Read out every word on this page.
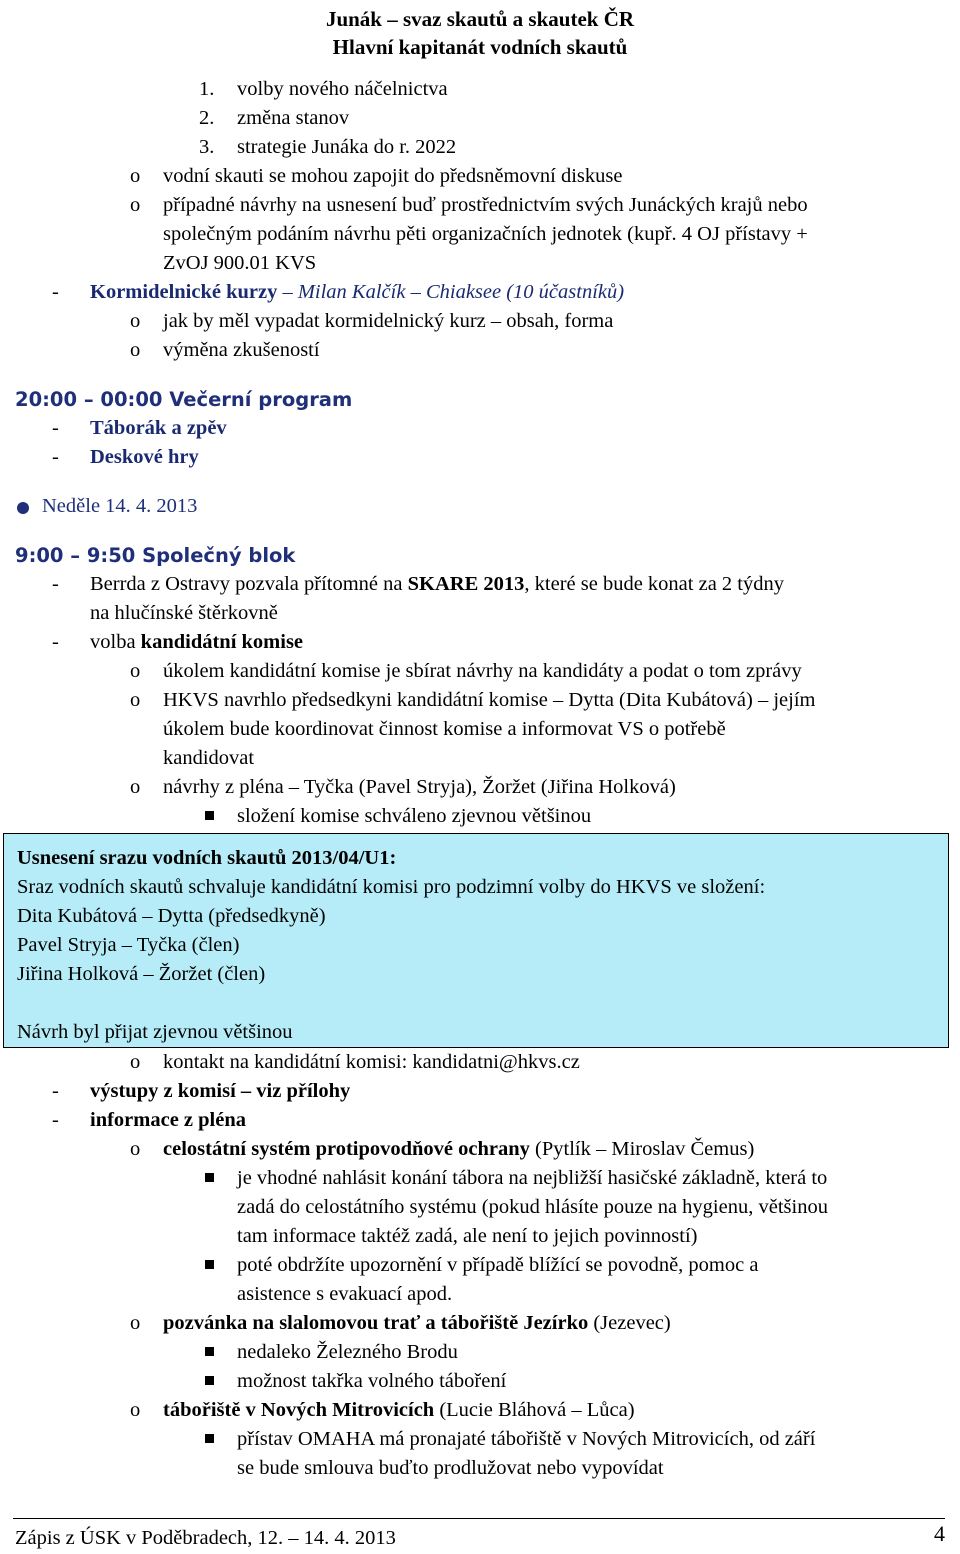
Junák – svaz skautů a skautek ČR
Hlavní kapitanát vodních skautů
1. volby nového náčelnictva
2. změna stanov
3. strategie Junáka do r. 2022
o vodní skauti se mohou zapojit do předsněmovní diskuse
o případné návrhy na usnesení buď prostřednictvím svých Junáckých krajů nebo
společným podáním návrhu pěti organizačních jednotek (kupř. 4 OJ přístavy +
ZvOJ 900.01 KVS
- Kormidelnické kurzy – Milan Kalčík – Chiaksee (10 účastníků)
o jak by měl vypadat kormidelnický kurz – obsah, forma
o výměna zkušeností
20:00 – 00:00 Večerní program
- Táborák a zpěv
- Deskové hry
Neděle 14. 4. 2013
9:00 – 9:50 Společný blok
- Berrda z Ostravy pozvala přítomné na SKARE 2013, které se bude konat za 2 týdny
na hlučínské štěrkovně
- volba kandidátní komise
o úkolem kandidátní komise je sbírat návrhy na kandidáty a podat o tom zprávy
o HKVS navrhlo předsedkyni kandidátní komise – Dytta (Dita Kubátová) – jejím
úkolem bude koordinovat činnost komise a informovat VS o potřebě
kandidovat
o návrhy z pléna – Tyčka (Pavel Stryja), Žoržet (Jiřina Holková)
složení komise schváleno zjevnou většinou
Usnesení srazu vodních skautů 2013/04/U1:
Sraz vodních skautů schvaluje kandidátní komisi pro podzimní volby do HKVS ve složení:
Dita Kubátová – Dytta (předsedkyně)
Pavel Stryja – Tyčka (člen)
Jiřina Holková – Žoržet (člen)
Návrh byl přijat zjevnou většinou
o kontakt na kandidátní komisi: kandidatni@hkvs.cz
- výstupy z komisí – viz přílohy
- informace z pléna
o celostátní systém protipovodňové ochrany (Pytlík – Miroslav Čemus)
je vhodné nahlásit konání tábora na nejbližší hasičské základně, která to
zadá do celostátního systému (pokud hlásíte pouze na hygienu, většinou
tam informace taktéž zadá, ale není to jejich povinností)
poté obdržíte upozornění v případě blížící se povodně, pomoc a
asistence s evakuací apod.
o pozvánka na slalomovou trať a tábořiště Jezírko (Jezevec)
nedaleko Železného Brodu
možnost takřka volného táboření
o tábořiště v Nových Mitrovicích (Lucie Bláhová – Lůca)
přístav OMAHA má pronajaté tábořiště v Nových Mitrovicích, od září
se bude smlouva buďto prodlužovat nebo vypovídat
Zápis z ÚSK v Poděbradech, 12. – 14. 4. 2013	4
